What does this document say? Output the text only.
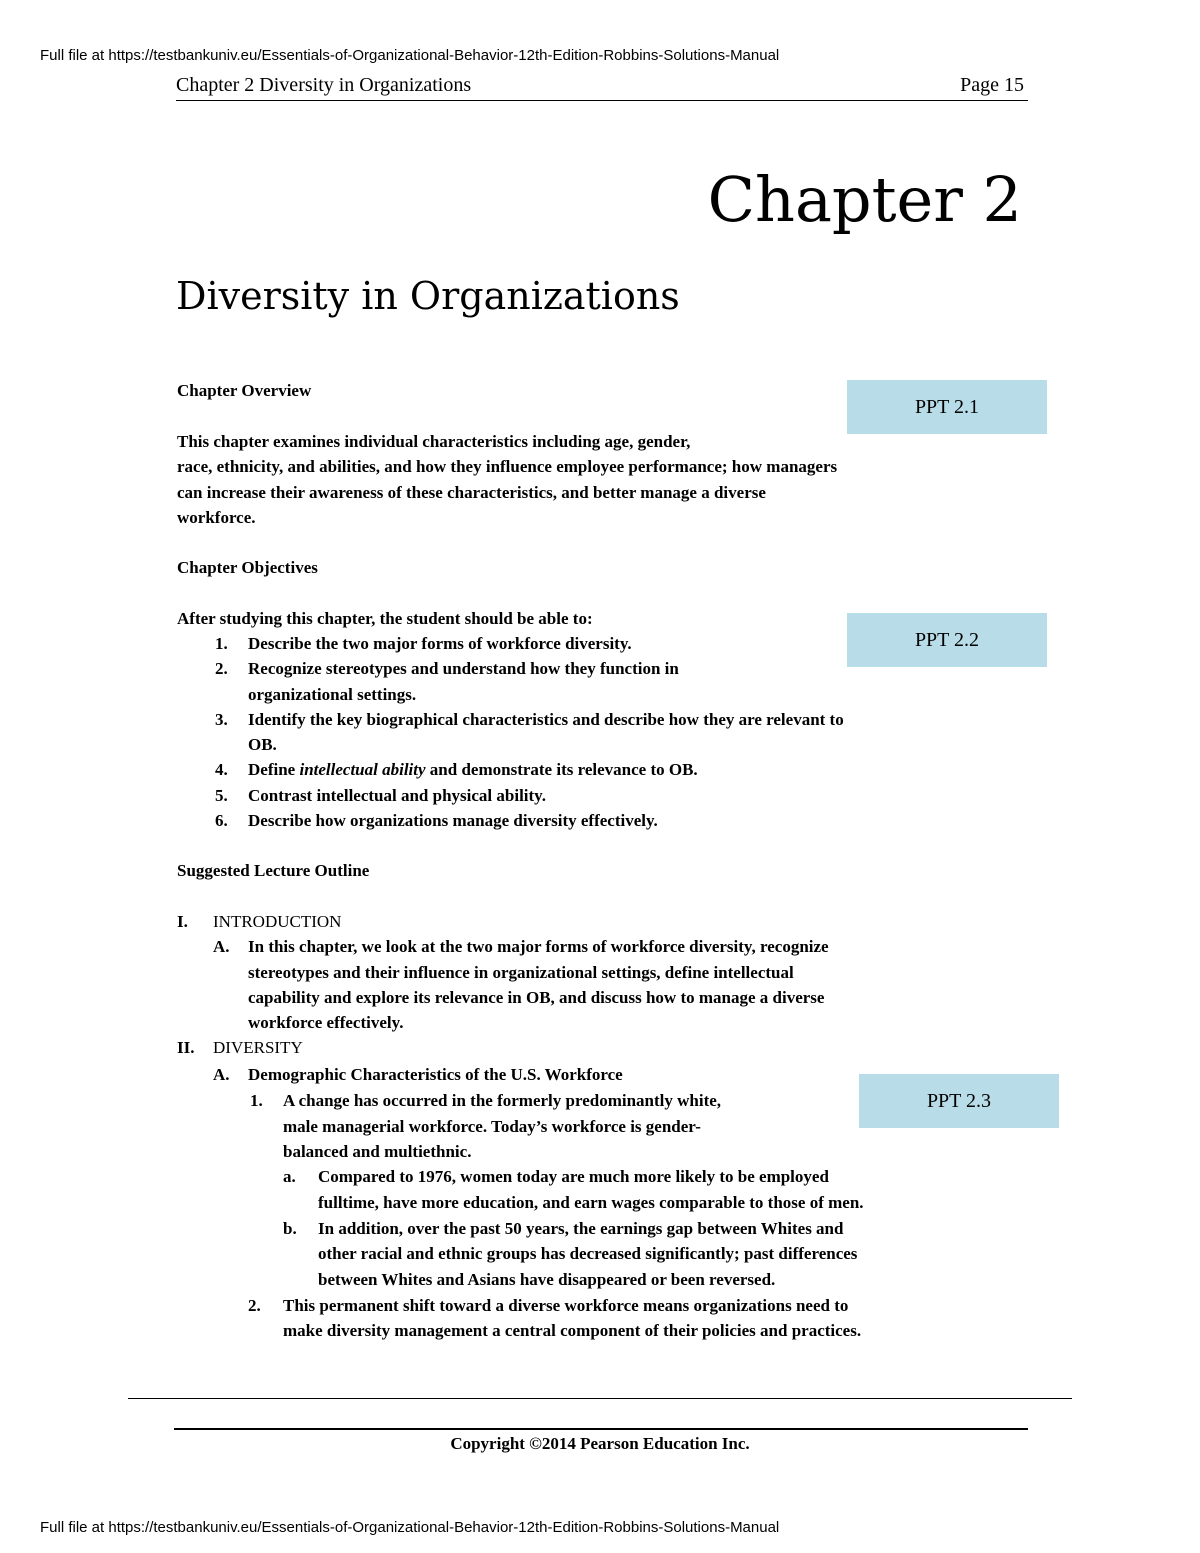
Full file at https://testbankuniv.eu/Essentials-of-Organizational-Behavior-12th-Edition-Robbins-Solutions-Manual
Chapter 2 Diversity in Organizations	Page 15
Chapter 2
Diversity in Organizations
PPT 2.1
PPT 2.2
PPT 2.3
Chapter Overview
This chapter examines individual characteristics including age, gender,
race, ethnicity, and abilities, and how they influence employee performance; how managers
can increase their awareness of these characteristics, and better manage a diverse
workforce.
Chapter Objectives
After studying this chapter, the student should be able to:
1. Describe the two major forms of workforce diversity.
2. Recognize stereotypes and understand how they function in
organizational settings.
3. Identify the key biographical characteristics and describe how they are relevant to
OB.
4. Define intellectual ability and demonstrate its relevance to OB.
5. Contrast intellectual and physical ability.
6. Describe how organizations manage diversity effectively.
Suggested Lecture Outline
I. INTRODUCTION
A. In this chapter, we look at the two major forms of workforce diversity, recognize
stereotypes and their influence in organizational settings, define intellectual
capability and explore its relevance in OB, and discuss how to manage a diverse
workforce effectively.
II. DIVERSITY
A. Demographic Characteristics of the U.S. Workforce
1. A change has occurred in the formerly predominantly white,
male managerial workforce. Today’s workforce is gender-
balanced and multiethnic.
a. Compared to 1976, women today are much more likely to be employed
fulltime, have more education, and earn wages comparable to those of men.
b. In addition, over the past 50 years, the earnings gap between Whites and
other racial and ethnic groups has decreased significantly; past differences
between Whites and Asians have disappeared or been reversed.
2. This permanent shift toward a diverse workforce means organizations need to
make diversity management a central component of their policies and practices.
Copyright ©2014 Pearson Education Inc.
Full file at https://testbankuniv.eu/Essentials-of-Organizational-Behavior-12th-Edition-Robbins-Solutions-Manual
